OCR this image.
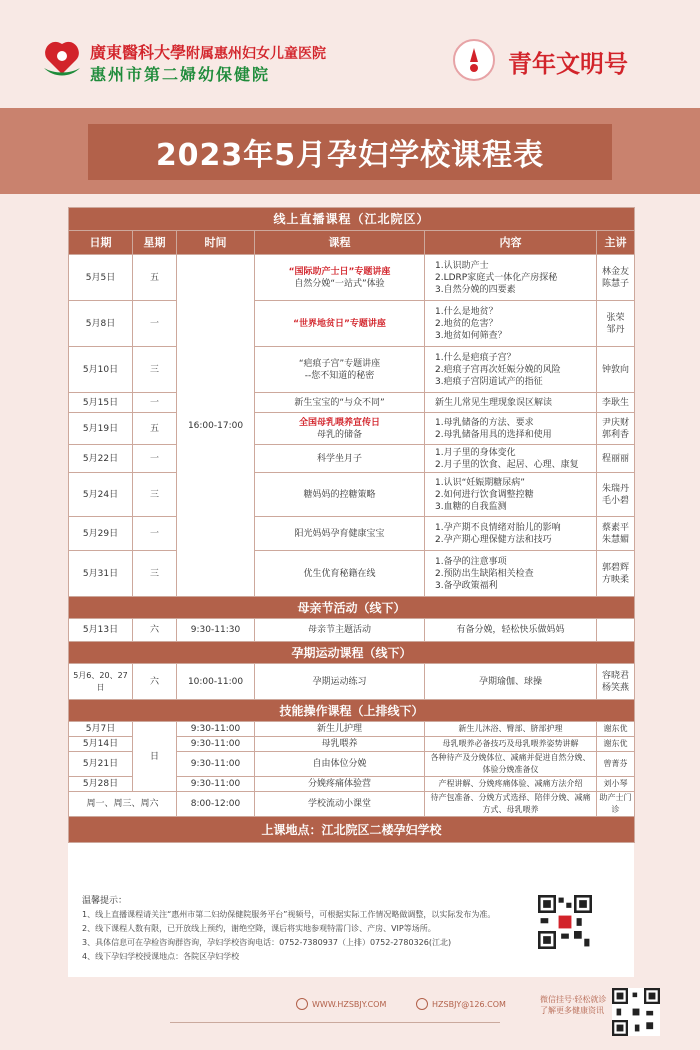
廣東醫科大學附属惠州妇女儿童医院
惠州市第二婦幼保健院	青年文明号
2023年5月孕妇学校课程表
线上直播课程（江北院区）					
日期	星期	时间	课程	内容	主讲
5月5日	五	16:00-17:00	“国际助产士日”专题讲座
自然分娩“一站式”体验	1.认识助产士
2.LDRP家庭式一体化产房探秘
3.自然分娩的四要素	林金友
陈慧子

5月8日	一		“世界地贫日”专题讲座	1.什么是地贫？
2.地贫的危害？
3.地贫如何筛查？	张荣
邹丹

5月10日	三		“疤痕子宫”专题讲座
--您不知道的秘密	1.什么是疤痕子宫？
2.疤痕子宫再次妊娠分娩的风险
3.疤痕子宫阴道试产的指征	钟敦向

5月15日	一		新生宝宝的“与众不同”	新生儿常见生理现象误区解读	李耿生

5月19日	五		全国母乳喂养宣传日
母乳的储备	1.母乳储备的方法、要求
2.母乳储备用具的选择和使用	尹庆财
郭利香

5月22日	一		科学坐月子	1.月子里的身体变化
2.月子里的饮食、起居、心理、康复	程丽丽

5月24日	三		糖妈妈的控糖策略	1.认识“妊娠期糖尿病”
2.如何进行饮食调整控糖
3.血糖的自我监测	朱瑞丹
毛小碧

5月29日	一		阳光妈妈孕育健康宝宝	1.孕产期不良情绪对胎儿的影响
2.孕产期心理保健方法和技巧	蔡素平
朱慧媚

5月31日	三		优生优育秘籍在线	1.备孕的注意事项
2.预防出生缺陷相关检查
3.备孕政策福利	郭碧辉
方映柔

母亲节活动（线下）					
5月13日	六	9:30-11:30	母亲节主题活动	有备分娩，轻松快乐做妈妈	
孕期运动课程（线下）					
5月6、20、27日	六	10:00-11:00	孕期运动练习	孕期瑜伽、球操	容晓君
杨笑燕

技能操作课程（上排线下）					
5月7日	日	9:30-11:00	新生儿护理	新生儿沐浴、臀部、脐部护理	谢东优
5月14日		9:30-11:00	母乳喂养	母乳喂养必备技巧及母乳喂养姿势讲解	谢东优
5月21日		9:30-11:00	自由体位分娩	各种待产及分娩体位、减痛并促进自然分娩、体验分娩准备仪	曾菁芬
5月28日		9:30-11:00	分娩疼痛体验营	产程讲解、分娩疼痛体验、减痛方法介绍	刘小琴
周一、周三、周六		8:00-12:00	学校流动小课堂	待产包准备、分娩方式选择、陪伴分娩、减痛方式、母乳喂养	助产士门诊
上课地点：江北院区二楼孕妇学校					
温馨提示：
1、线上直播课程请关注“惠州市第二妇幼保健院服务平台”视频号，可根据实际工作情况略做调整，以实际发布为准。
2、线下课程人数有限，已开放线上预约，谢绝空降，课后将实地参观特需门诊、产房、VIP等场所。
3、具体信息可在孕检咨询群咨询，孕妇学校咨询电话：0752-7380937（上排）0752-2780326(江北)
4、线下孕妇学校授课地点：各院区孕妇学校
WWW.HZSBJY.COM	HZSBJY@126.COM
微信挂号·轻松就诊
了解更多健康资讯
